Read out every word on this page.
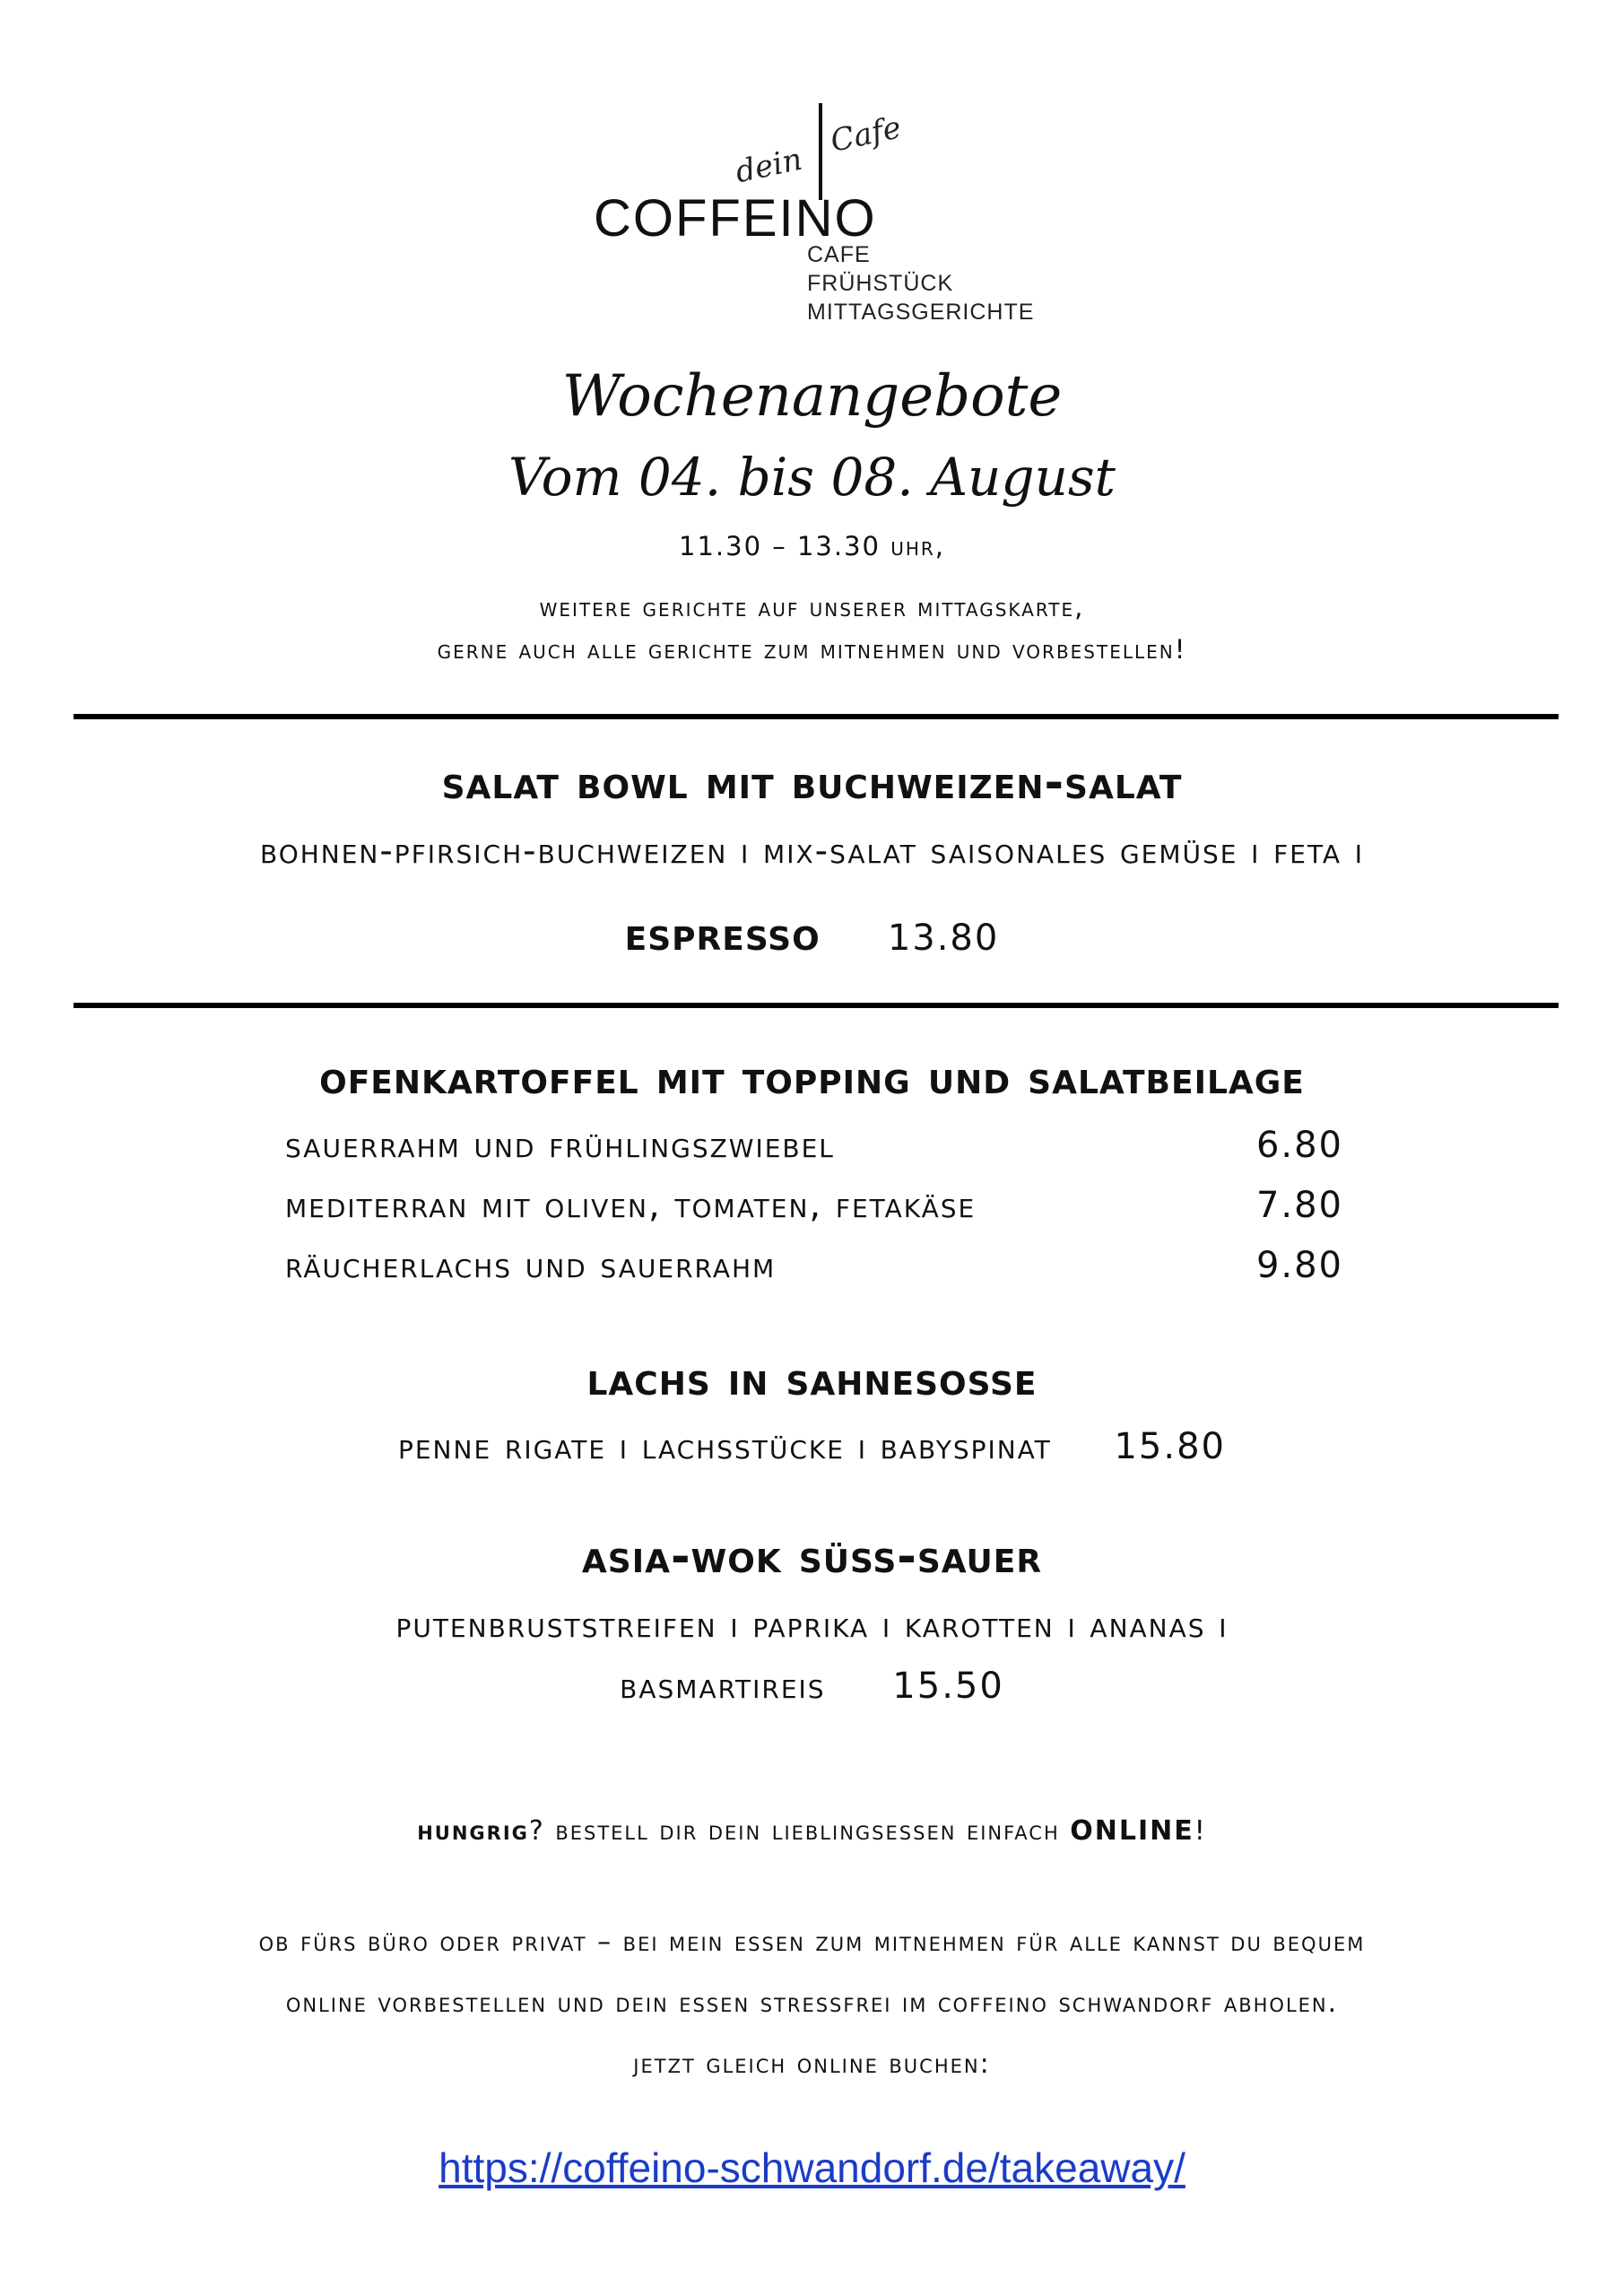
dein
Cafe
COFFEINO
CAFE
FRÜHSTÜCK
MITTAGSGERICHTE
Wochenangebote
Vom 04. bis 08. August
11.30 – 13.30 uhr,
weitere gerichte auf unserer mittagskarte,
gerne auch alle gerichte zum mitnehmen und vorbestellen!
salat bowl mit buchweizen-salat
bohnen-pfirsich-buchweizen i mix-salat saisonales gemüse i feta i
espresso 13.80
ofenkartoffel mit topping und salatbeilage
sauerrahm und frühlingszwiebel	6.80
mediterran mit oliven, tomaten, fetakäse	7.80
räucherlachs und sauerrahm	9.80
lachs in sahnesosse
penne rigate i lachsstücke i babyspinat 15.80
asia-wok süss-sauer
putenbruststreifen i paprika i karotten i ananas i
basmartireis 15.50
hungrig? bestell dir dein lieblingsessen einfach ONLINE!
ob fürs büro oder privat – bei mein essen zum mitnehmen für alle kannst du bequem
online vorbestellen und dein essen stressfrei im coffeino schwandorf abholen.
jetzt gleich online buchen:
https://coffeino-schwandorf.de/takeaway/
